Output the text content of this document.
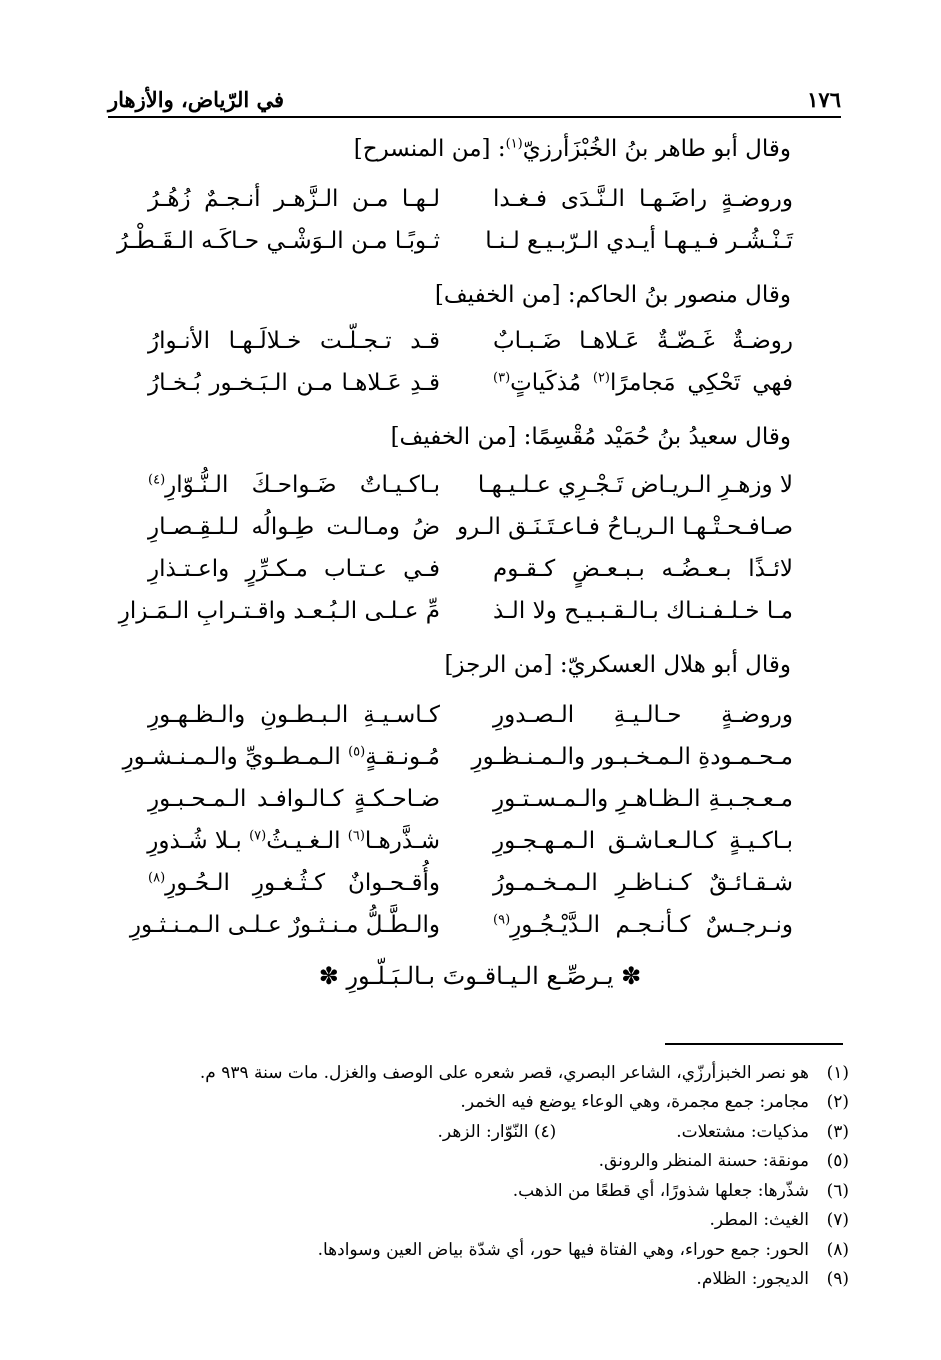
١٧٦
في الرّياض، والأزهار
وقال أبو طاهر بنُ الخُبْزَأرزيّ$^{(١)}$: [من المنسرح]
وروضـةٍ راضَـهـا الـنَّـدَى فـغـدا
لـهـا مـن الـزَّهـر أنـجـمٌ زُهُـرُ
تَـنْـشُـر فـيـهـا أيـدي الـرّبـيـع لـنـا
ثـوبًـا مـن الـوَشْـي حـاكَـه الـقَـطْـرُ
وقال منصور بنُ الحاكم: [من الخفيف]
روضـةٌ غَـضّـةٌ عَـلاهـا ضَـبـابٌ
قـد تـجـلّـت خـلالَـهـا الأنـوارُ
فهي تَحْكِي مَجامرًا$^{(٢)}$ مُذكَياتٍ$^{(٣)}$
قـدِ عَـلاهـا مـن الـبَـخـور بُـخـارُ
وقال سعيدُ بنُ حُمَيْد مُقْسِمًا: [من الخفيف]
لا وزهـرِ الـريـاض تَـجْـرِي عـلـيـهـا
بـاكـيـاتٌ ضَـواحـكَ الـنُّـوّارِ$^{(٤)}$
صـافـحـتْـهـا الـريـاحُ فـاعـتَـنَـق الـرو
ضُ ومـالـت طِـوالُه لـلـقِـصـارِ
لائـذًا بـعـضُـه بـبـعـضٍ كـقـوم
فـي عـتـاب مـكـرِّرٍ واعـتـذارِ
مـا خـلـفـنـاك بـالـقـبـيـح ولا الـذ
مِّ عـلـى الـبُـعـد واقـتـرابِ الـمَـزارِ
وقال أبو هلال العسكريّ: [من الرجز]
وروضـةٍ حـالـيـةِ الـصـدورِ
كـاسـيـةِ الـبـطـونِ والـظـهـورِ
مـحـمـودةِ الـمـخـبـور والـمـنـظـورِ
مُـونـقـةٍ$^{(٥)}$ الـمـطـويِّ والـمـنـشـورِ
مـعـجـبـةِ الـظـاهـرِ والـمـسـتـورِ
ضـاحـكـةٍ كـالـوافـد الـمـحـبـورِ
بـاكـيـةٍ كـالـعـاشـق الـمـهـجـورِ
شـذَّرهـا$^{(٦)}$ الـغـيـثُ$^{(٧)}$ بـلا شُـذورِ
شـقـائـقٌ كـنـاظـرِ الـمـخـمـورُ
وأُقـحـوانٌ كـثُـغـورِ الـحُـورِ$^{(٨)}$
ونـرجـسٌ كـأنـجـم الـدَّيْـجُـورِ$^{(٩)}$
والـطَّـلُّ مـنـثـورٌ عـلـى الـمـنـثـورِ
✽ يـرصِّـع الـيـاقـوتَ بـالـبَـلّـورِ ✽
(١)
هو نصر الخبزأرزّي، الشاعر البصري، قصر شعره على الوصف والغزل. مات سنة ٩٣٩ م.
(٢)
مجامر: جمع مجمرة، وهي الوعاء يوضع فيه الخمر.
(٣)
مذكيات: مشتعلات.
(٤) النّوّار: الزهر.
(٥)
مونقة: حسنة المنظر والرونق.
(٦)
شذّرها: جعلها شذورًا، أي قطعًا من الذهب.
(٧)
الغيث: المطر.
(٨)
الحور: جمع حوراء، وهي الفتاة فيها حور، أي شدّة بياض العين وسوادها.
(٩)
الديجور: الظلام.
